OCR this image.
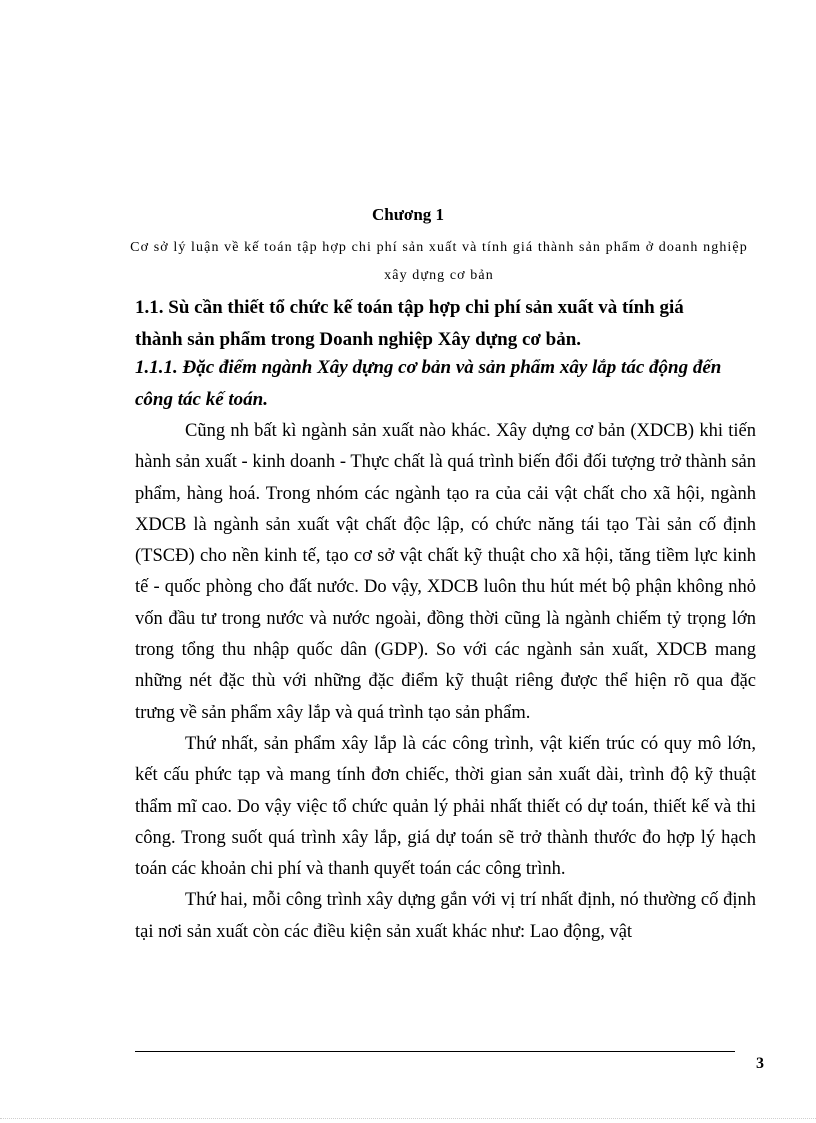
Chương 1
Cơ sở lý luận về kế toán tập hợp chi phí sản xuất và tính giá thành sản phẩm ở doanh nghiệp xây dựng cơ bản
1.1. Sù cần thiết tổ chức kế toán tập hợp chi phí sản xuất và tính giá thành sản phẩm trong Doanh nghiệp Xây dựng cơ bản.
1.1.1. Đặc điểm ngành Xây dựng cơ bản và sản phẩm xây lắp tác động đến công tác kế toán.

Cũng nh bất kì ngành sản xuất nào khác. Xây dựng cơ bản (XDCB) khi tiến hành sản xuất - kinh doanh - Thực chất là quá trình biến đổi đối tượng trở thành sản phẩm, hàng hoá. Trong nhóm các ngành tạo ra của cải vật chất cho xã hội, ngành XDCB là ngành sản xuất vật chất độc lập, có chức năng tái tạo Tài sản cố định (TSCĐ) cho nền kinh tế, tạo cơ sở vật chất kỹ thuật cho xã hội, tăng tiềm lực kinh tế - quốc phòng cho đất nước. Do vậy, XDCB luôn thu hút mét bộ phận không nhỏ vốn đầu tư trong nước và nước ngoài, đồng thời cũng là ngành chiếm tỷ trọng lớn trong tổng thu nhập quốc dân (GDP). So với các ngành sản xuất, XDCB mang những nét đặc thù với những đặc điểm kỹ thuật riêng được thể hiện rõ qua đặc trưng về sản phẩm xây lắp và quá trình tạo sản phẩm.

Thứ nhất, sản phẩm xây lắp là các công trình, vật kiến trúc có quy mô lớn, kết cấu phức tạp và mang tính đơn chiếc, thời gian sản xuất dài, trình độ kỹ thuật thẩm mĩ cao. Do vậy việc tổ chức quản lý phải nhất thiết có dự toán, thiết kế và thi công. Trong suốt quá trình xây lắp, giá dự toán sẽ trở thành thước đo hợp lý hạch toán các khoản chi phí và thanh quyết toán các công trình.

Thứ hai, mỗi công trình xây dựng gắn với vị trí nhất định, nó thường cố định tại nơi sản xuất còn các điều kiện sản xuất khác như: Lao động, vật

3
